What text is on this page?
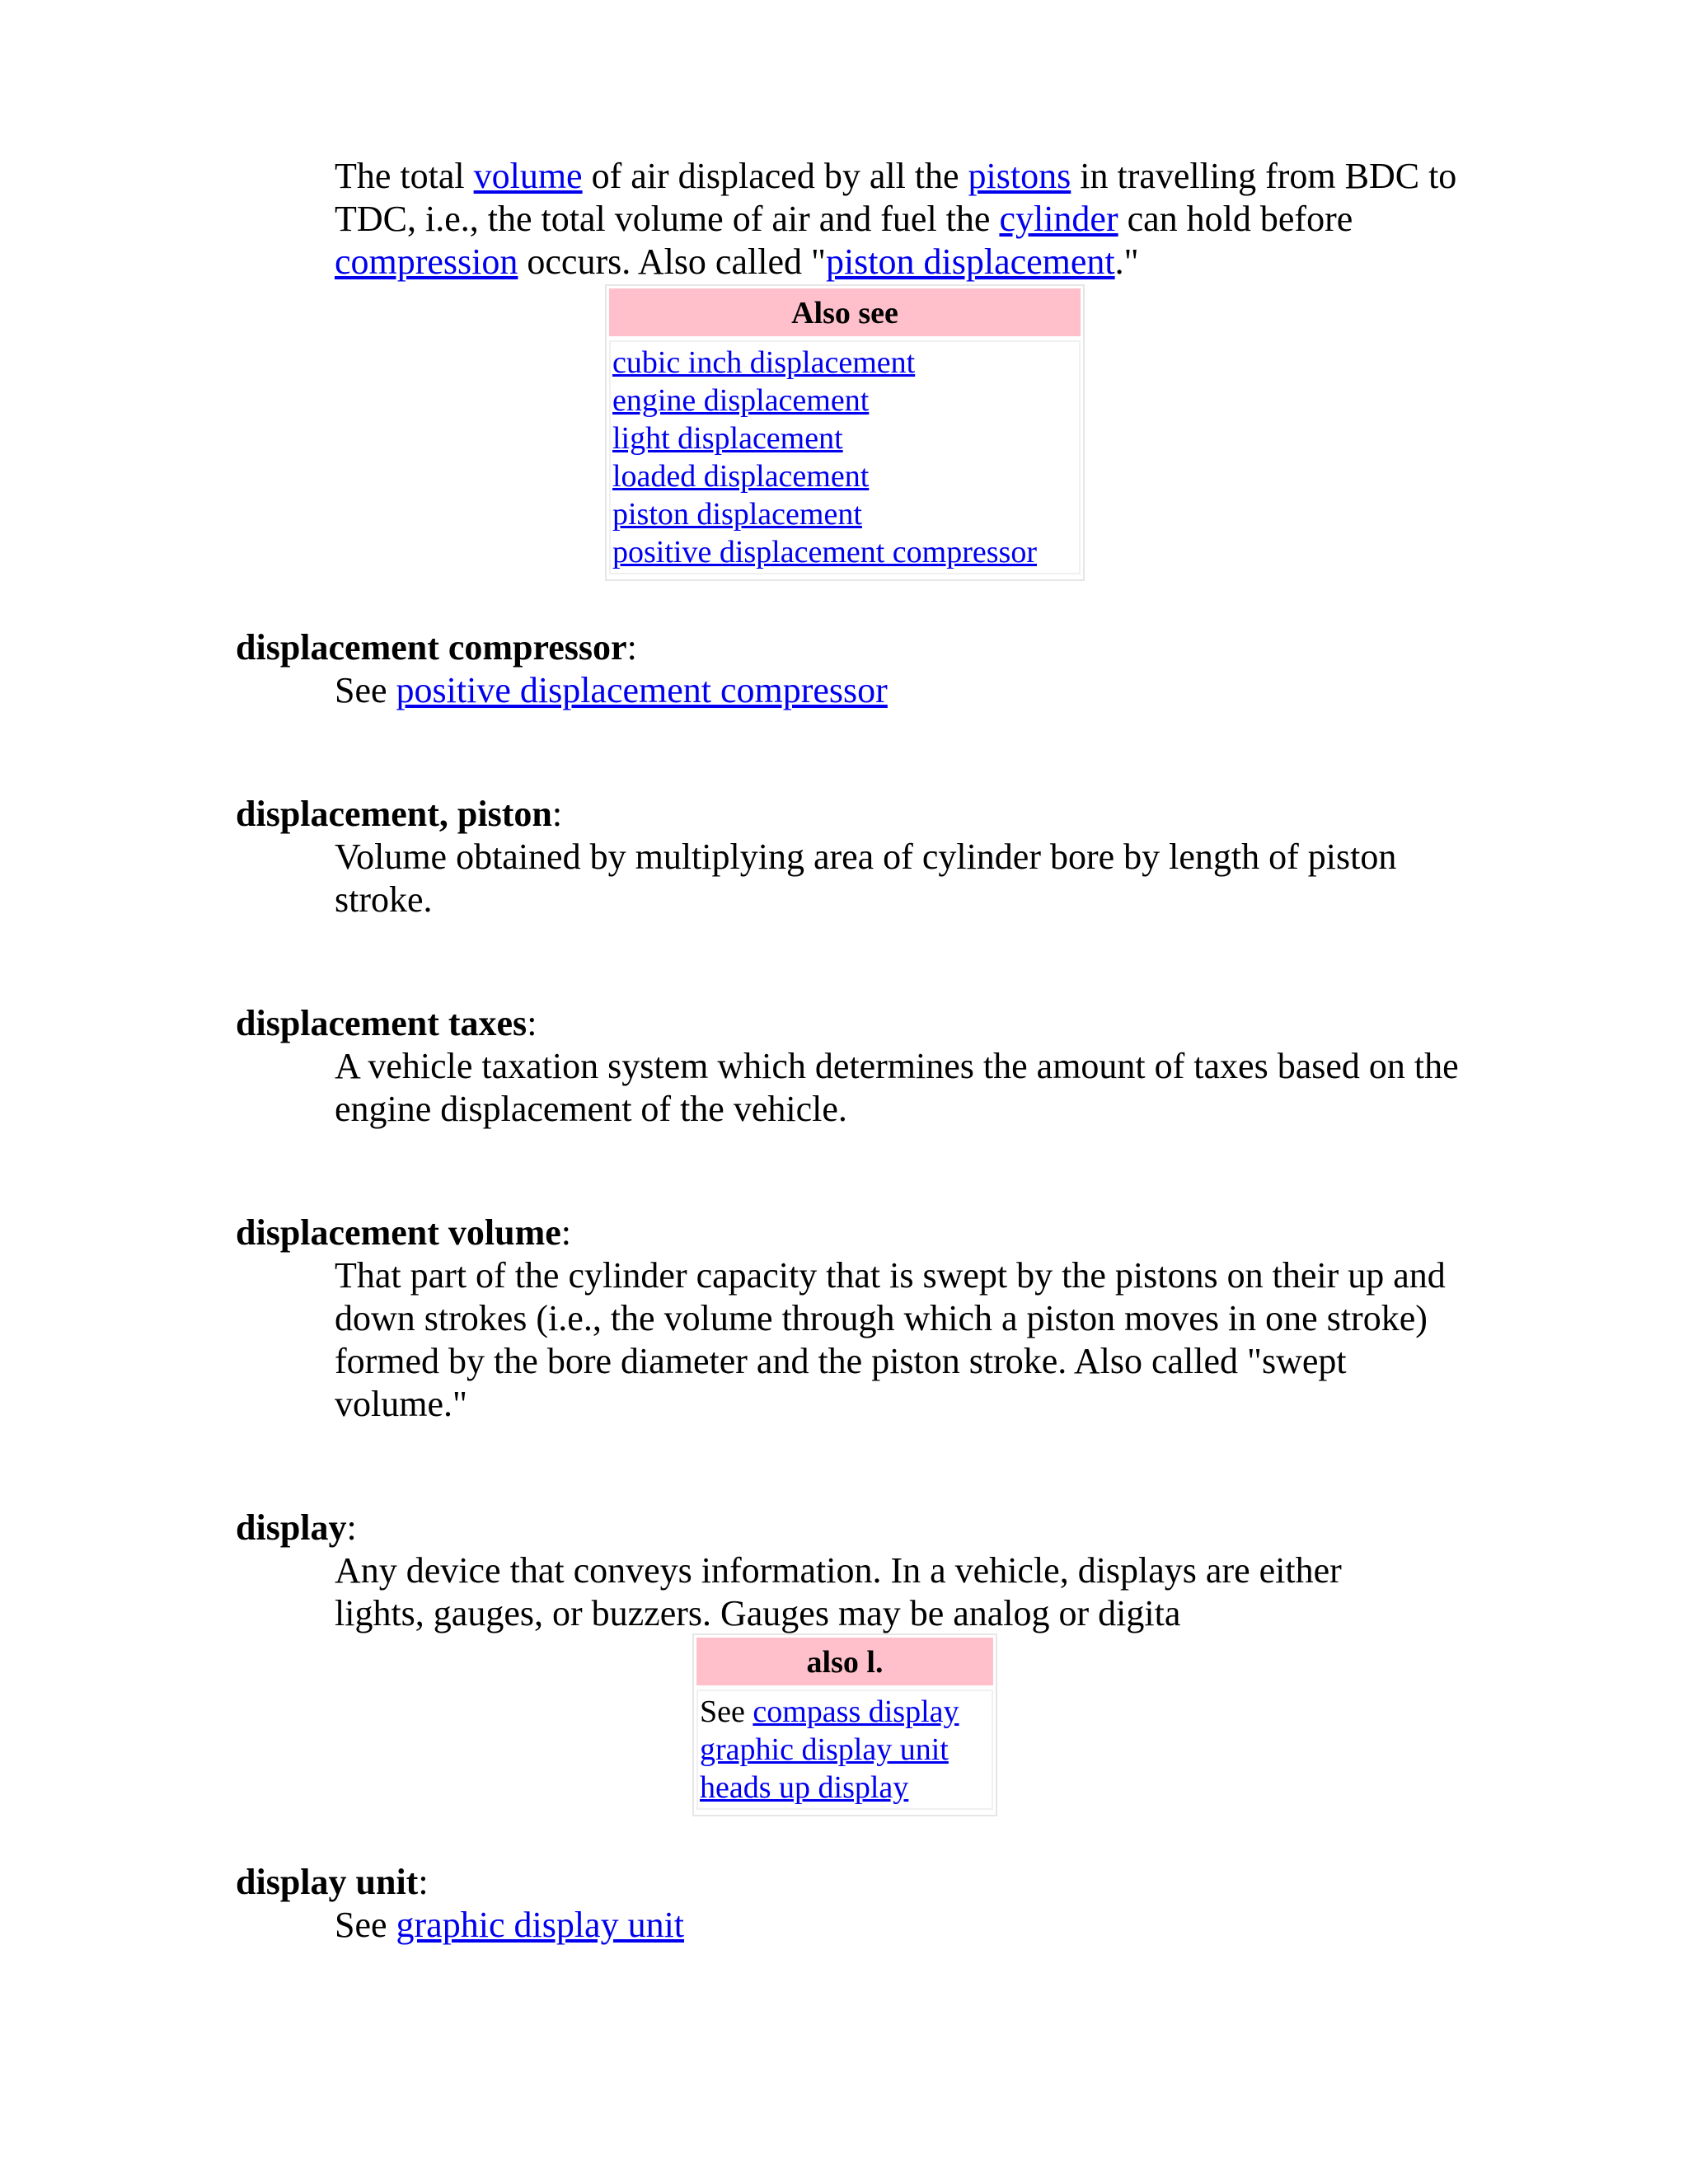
The total volume of air displaced by all the pistons in travelling from BDC to TDC, i.e., the total volume of air and fuel the cylinder can hold before compression occurs. Also called "piston displacement."
Also see
cubic inch displacement
engine displacement
light displacement
loaded displacement
piston displacement
positive displacement compressor
displacement compressor:
See positive displacement compressor
displacement, piston:
Volume obtained by multiplying area of cylinder bore by length of piston stroke.
displacement taxes:
A vehicle taxation system which determines the amount of taxes based on the engine displacement of the vehicle.
displacement volume:
That part of the cylinder capacity that is swept by the pistons on their up and down strokes (i.e., the volume through which a piston moves in one stroke) formed by the bore diameter and the piston stroke. Also called "swept volume."
display:
Any device that conveys information. In a vehicle, displays are either lights, gauges, or buzzers. Gauges may be analog or digita
also l.
See compass display
graphic display unit
heads up display
display unit:
See graphic display unit
